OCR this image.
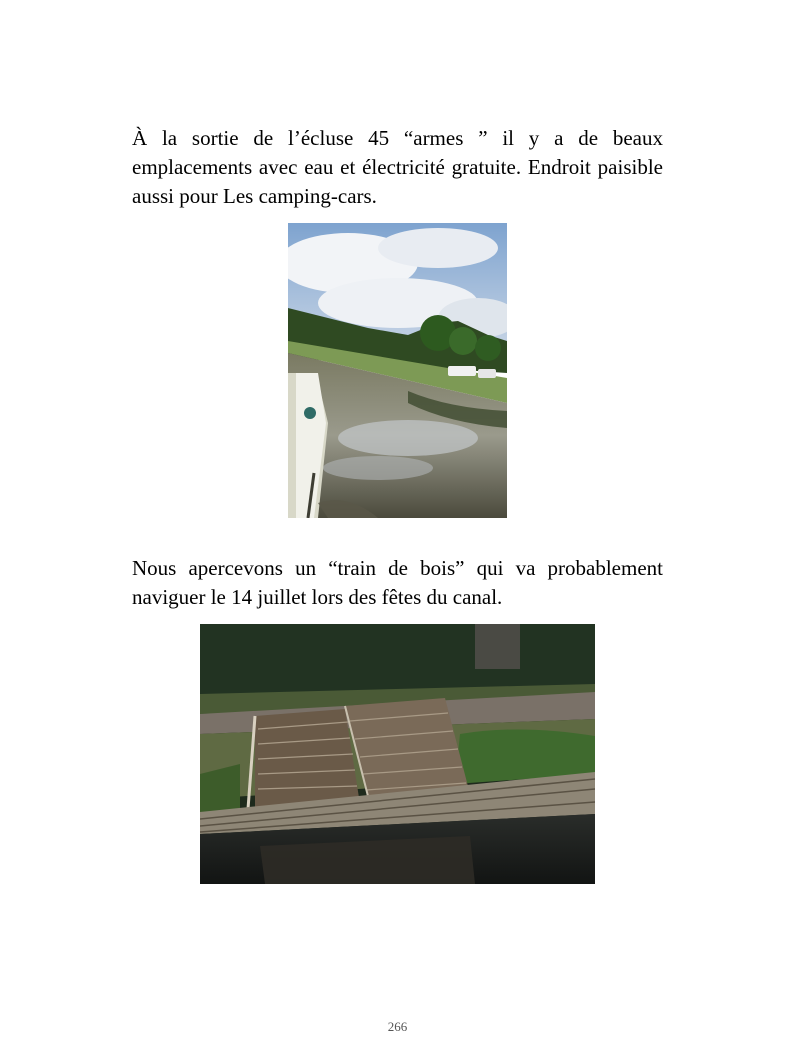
À la sortie de l’écluse 45 “armes ” il y a de beaux emplacements avec eau et électricité gratuite. Endroit paisible aussi pour Les camping-cars.

Nous apercevons un “train de bois” qui va probablement naviguer le 14 juillet lors des fêtes du canal.

266
